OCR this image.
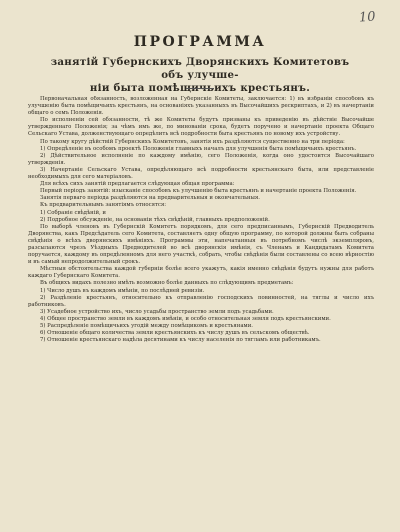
10
ПРОГРАММА
занятій Губернскихъ Дворянскихъ Комитетовъ объ улучше-
ніи быта помѣщичьихъ крестьянъ.

Первоначальная обязанность, возложенная на Губернскіе Комитеты, заключается: 1) въ избраніи способовъ къ улучшенію быта помѣщичьихъ крестьянъ, на основаніяхъ указанныхъ въ Высочайшихъ рескриптахъ, и 2) въ начертаніи общаго о семъ Положенія.

По исполненіи сей обязанности, тѣ же Комитеты будутъ призваны къ приведенію въ дѣйствіе Высочайше утвержденнаго Положенія; за чѣмъ имъ же, по минованіи срока, будетъ поручено и начертаніе проекта Общаго Сельскаго Устава, долженствующаго опредѣлить всѣ подробности быта крестьянъ по новому ихъ устройству.

По такому кругу дѣйствій Губернскихъ Комитетовъ, занятія ихъ раздѣляются существенно на три періода:

1) Опредѣленіе въ особомъ проектѣ Положенія главныхъ началъ для улучшенія быта помѣщичьихъ крестьянъ.

2) Дѣйствительное исполненіе по каждому имѣнію, сего Положенія, когда оно удостоится Высочайшаго утвержденія.

3) Начертаніе Сельскаго Устава, опредѣляющаго всѣ подробности крестьянскаго быта, или представленіе необходимыхъ для сего матеріаловъ.

Для всѣхъ сихъ занятій предлагается слѣдующая общая программа:

Первый періодъ занятій: изысканіе способовъ къ улучшенію быта крестьянъ и начертаніе проекта Положенія.

Занятія перваго періода раздѣляются на предварительныя и окончательныя.

Къ предварительнымъ занятіямъ относятся:

1) Собраніе свѣдѣній, и

2) Подробное обсужденіе, на основаніи тѣхъ свѣдѣній, главныхъ предположеній.

По выборѣ членовъ въ Губернскій Комитетъ порядкомъ, для сего предписаннымъ, Губернскій Предводитель Дворянства, какъ Предсѣдатель сего Комитета, составляетъ одну общую программу, по которой должны быть собраны свѣдѣнія о всѣхъ дворянскихъ имѣніяхъ. Программы эти, напечатанныя въ потребномъ числѣ экземпляровъ, разсылаются чрезъ Уѣздныхъ Предводителей во всѣ дворянскія имѣнія, съ Членамъ и Кандидатамъ Комитета поручается, каждому въ опредѣленномъ для него участкѣ, собрать, чтобы свѣдѣнія были составлены со всею вѣрностію и въ самый непродолжительный срокъ.

Мѣстныя обстоятельства каждой губерніи болѣе всего укажутъ, какія именно свѣдѣнія будутъ нужны для работъ каждаго Губернскаго Комитета.

Въ общихъ видахъ полезно имѣть возможно болѣе данныхъ по слѣдующимъ предметамъ:

1) Число душъ въ каждомъ имѣніи, по послѣдней ревизіи.

2) Раздѣленіе крестьянъ, относительно къ отправленію господскихъ повинностей, на тяглы и число ихъ работниковъ.

3) Усадебное устройство ихъ, число усадьбы пространство земли подъ усадьбами.

4) Общее пространство земли въ каждомъ имѣніи, и особо относительная земля подъ крестьянскими.

5) Распредѣленіе помѣщичьихъ угодій между помѣщикомъ и крестьянами.

6) Отношеніе общаго количества земли крестьянскихъ къ числу душъ въ сельскомъ обществѣ.

7) Отношеніе крестьянскаго надѣла десятинами къ числу населенія по тягламъ или работникамъ.
